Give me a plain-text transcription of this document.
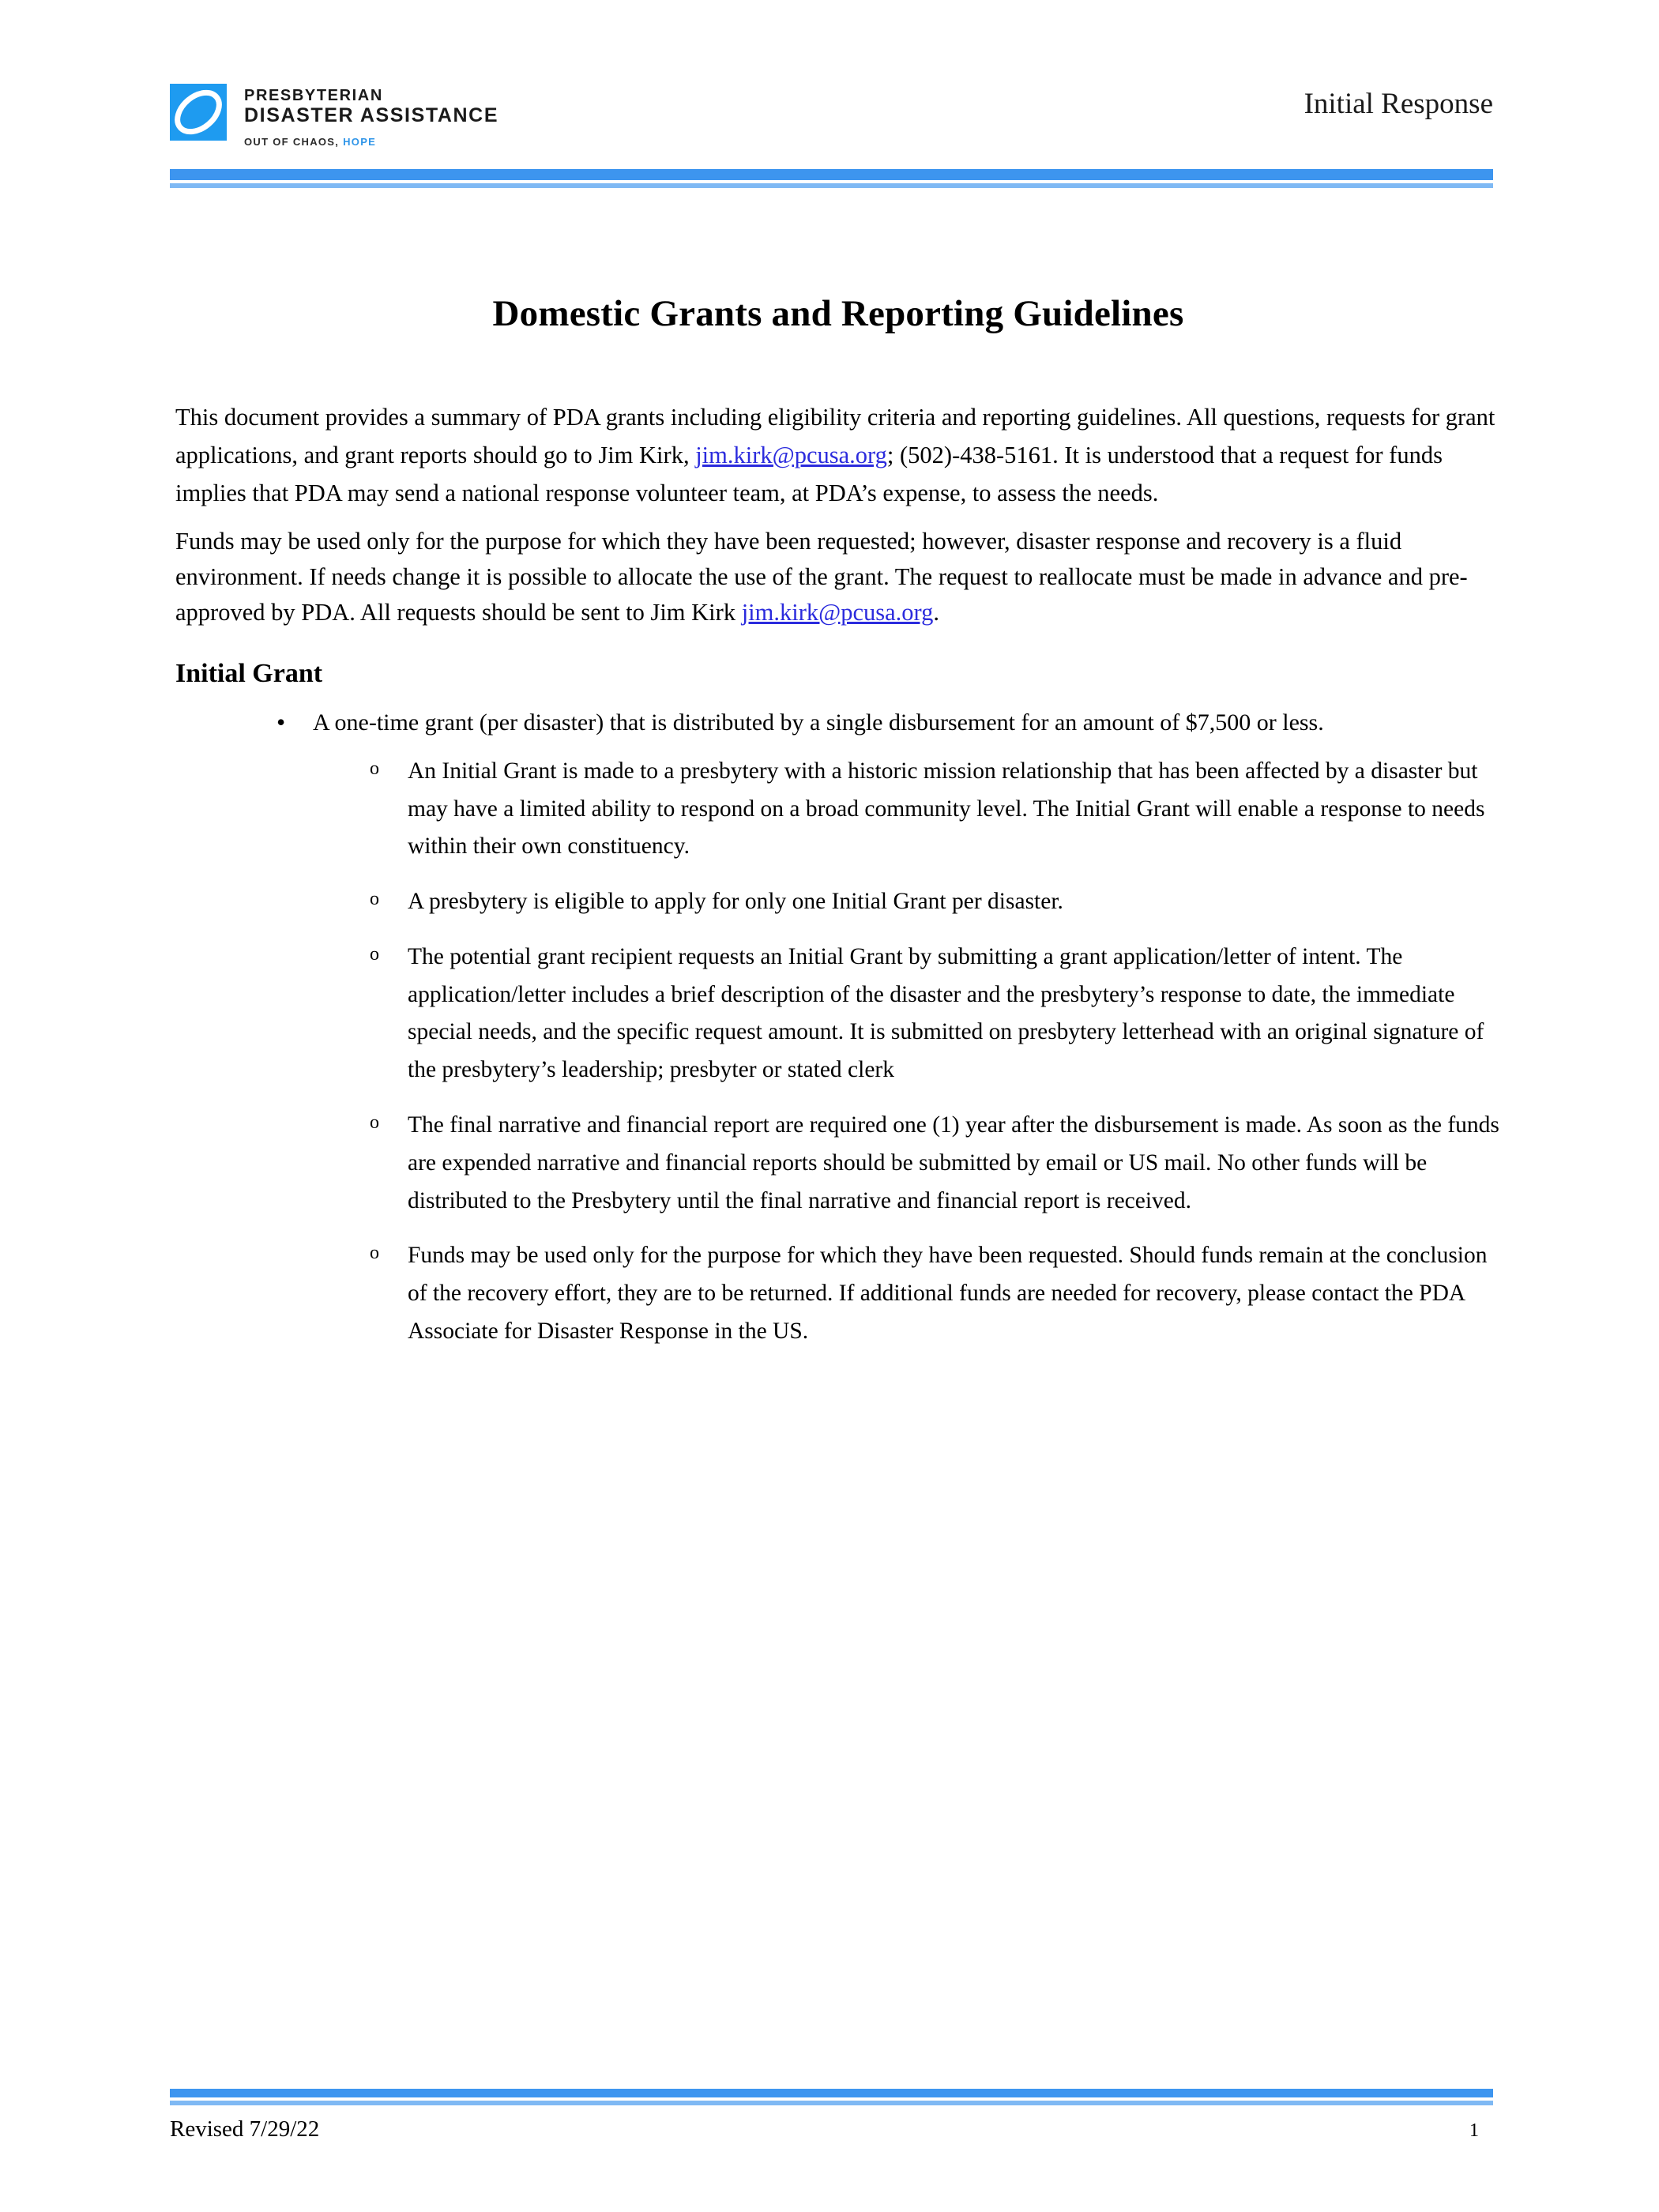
PRESBYTERIAN
DISASTER ASSISTANCE
OUT OF CHAOS, HOPE
Initial Response
Domestic Grants and Reporting Guidelines

This document provides a summary of PDA grants including eligibility criteria and reporting guidelines. All questions, requests for grant applications, and grant reports should go to Jim Kirk, jim.kirk@pcusa.org; (502)-438-5161. It is understood that a request for funds implies that PDA may send a national response volunteer team, at PDA’s expense, to assess the needs.

Funds may be used only for the purpose for which they have been requested; however, disaster response and recovery is a fluid environment. If needs change it is possible to allocate the use of the grant. The request to reallocate must be made in advance and pre-approved by PDA. All requests should be sent to Jim Kirk jim.kirk@pcusa.org.

Initial Grant
• A one-time grant (per disaster) that is distributed by a single disbursement for an amount of $7,500 or less.
o An Initial Grant is made to a presbytery with a historic mission relationship that has been affected by a disaster but may have a limited ability to respond on a broad community level. The Initial Grant will enable a response to needs within their own constituency.
o A presbytery is eligible to apply for only one Initial Grant per disaster.
o The potential grant recipient requests an Initial Grant by submitting a grant application/letter of intent. The application/letter includes a brief description of the disaster and the presbytery’s response to date, the immediate special needs, and the specific request amount. It is submitted on presbytery letterhead with an original signature of the presbytery’s leadership; presbyter or stated clerk
o The final narrative and financial report are required one (1) year after the disbursement is made. As soon as the funds are expended narrative and financial reports should be submitted by email or US mail. No other funds will be distributed to the Presbytery until the final narrative and financial report is received.
o Funds may be used only for the purpose for which they have been requested. Should funds remain at the conclusion of the recovery effort, they are to be returned. If additional funds are needed for recovery, please contact the PDA Associate for Disaster Response in the US.
Revised 7/29/22	1
